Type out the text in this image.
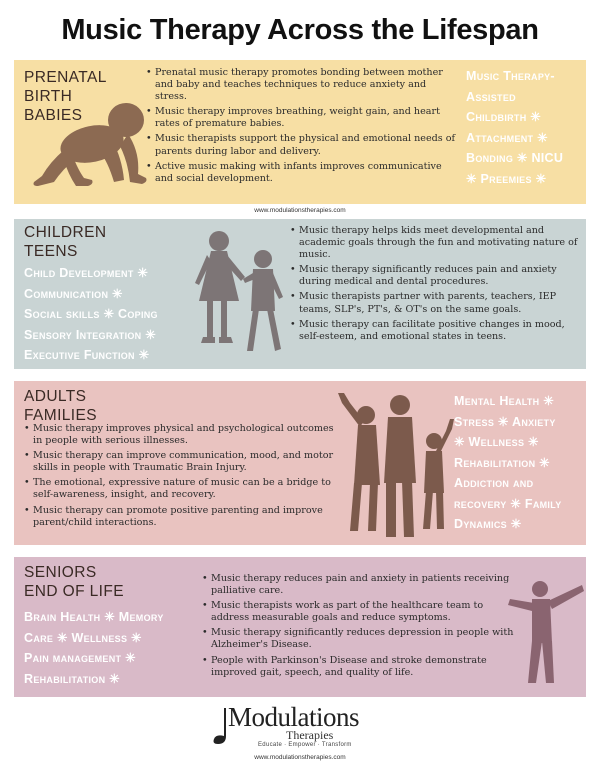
Music Therapy Across the Lifespan
PRENATAL
BIRTH
BABIES
• Prenatal music therapy promotes bonding between mother and baby and teaches techniques to reduce anxiety and stress.
• Music therapy improves breathing, weight gain, and heart rates of premature babies.
• Music therapists support the physical and emotional needs of parents during labor and delivery.
• Active music making with infants improves communicative and social development.
Music Therapy-
Assisted
Childbirth ✳
Attachment ✳
Bonding ✳ NICU
✳ Preemies ✳
www.modulationstherapies.com
CHILDREN
TEENS
Child Development ✳
Communication ✳
Social skills ✳ Coping
Sensory Integration ✳
Executive Function ✳
• Music therapy helps kids meet developmental and academic goals through the fun and motivating nature of music.
• Music therapy significantly reduces pain and anxiety during medical and dental procedures.
• Music therapists partner with parents, teachers, IEP teams, SLP's, PT's, & OT's on the same goals.
• Music therapy can facilitate positive changes in mood, self-esteem, and emotional states in teens.
ADULTS
FAMILIES
• Music therapy improves physical and psychological outcomes in people with serious illnesses.
• Music therapy can improve communication, mood, and motor skills in people with Traumatic Brain Injury.
• The emotional, expressive nature of music can be a bridge to self-awareness, insight, and recovery.
• Music therapy can promote positive parenting and improve parent/child interactions.
Mental Health ✳
Stress ✳ Anxiety
✳ Wellness ✳
Rehabilitation ✳
Addiction and
recovery ✳ Family
Dynamics ✳
SENIORS
END OF LIFE
Brain Health ✳ Memory
Care ✳ Wellness ✳
Pain management ✳
Rehabilitation ✳
• Music therapy reduces pain and anxiety in patients receiving palliative care.
• Music therapists work as part of the healthcare team to address measurable goals and reduce symptoms.
• Music therapy significantly reduces depression in people with Alzheimer's Disease.
• People with Parkinson's Disease and stroke demonstrate improved gait, speech, and quality of life.
Modulations
Therapies
Educate · Empower · Transform
www.modulationstherapies.com
